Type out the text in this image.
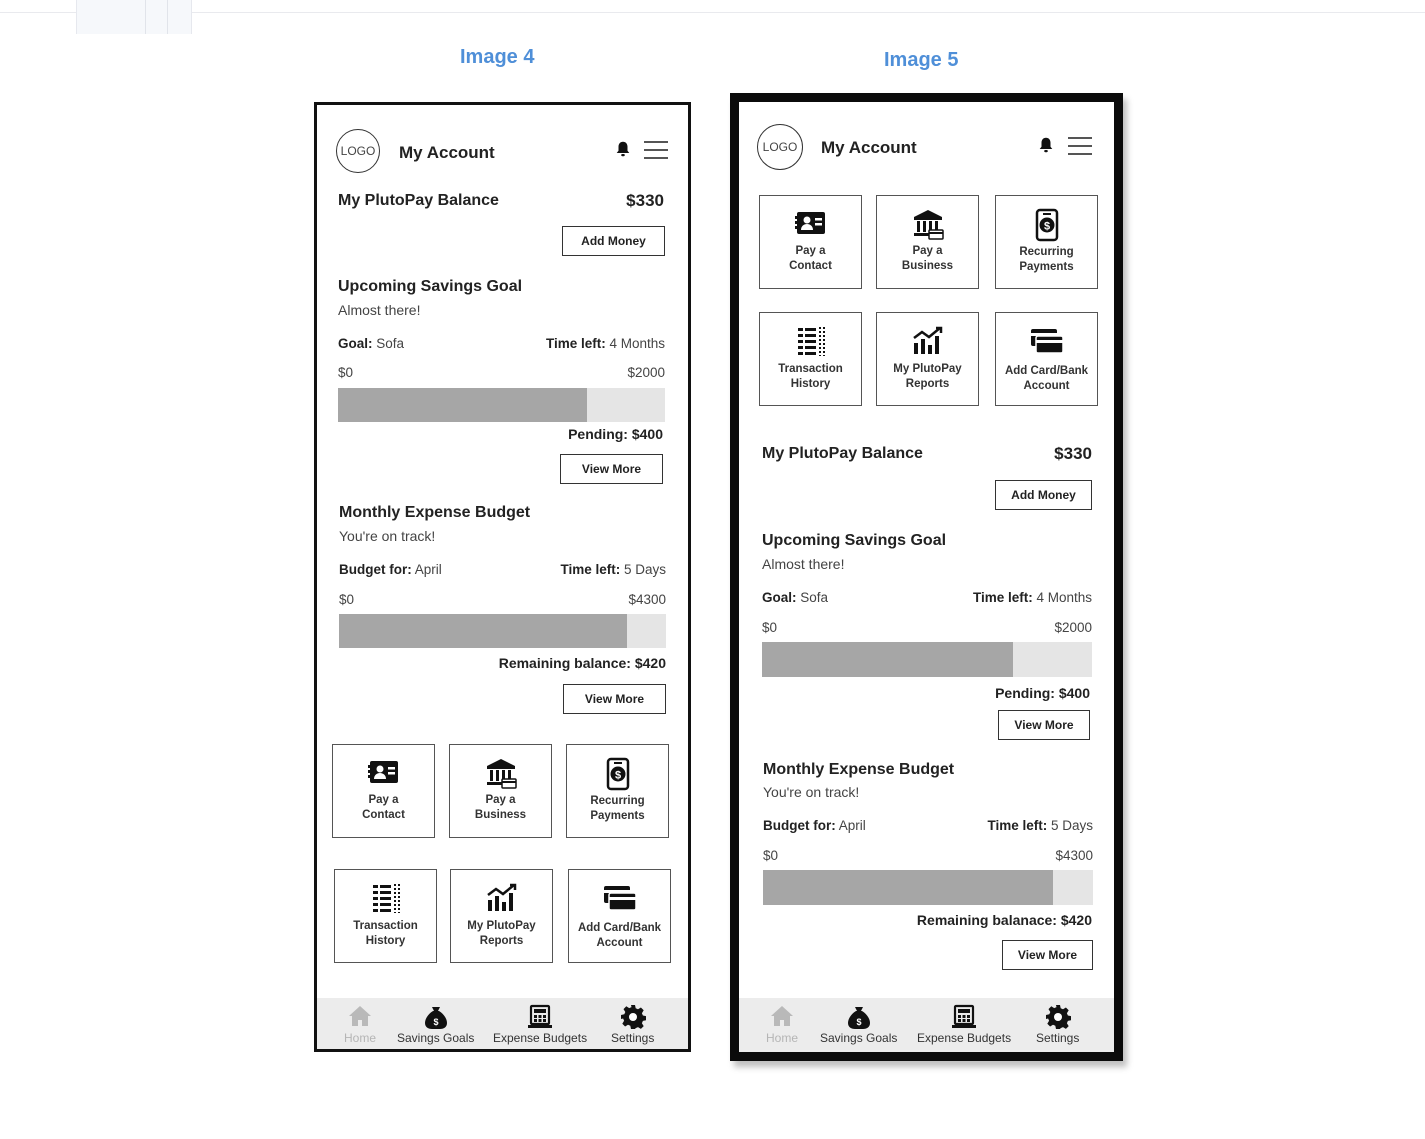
Image 4	Image 5
LOGO My Account
My PlutoPay Balance	$330
Add Money
Upcoming Savings Goal
Almost there!
Goal: Sofa	Time left: 4 Months
$0	$2000
Pending: $400
View More
Monthly Expense Budget
You're on track!
Budget for: April	Time left: 5 Days
$0	$4300
Remaining balance: $420
View More
Pay a
Contact
Pay a
Business
Recurring
Payments
Transaction
History
My PlutoPay
Reports
Add Card/Bank
Account
Home Savings Goals Expense Budgets Settings
LOGO	My Account
Pay a
Contact
Pay a
Business
Recurring
Payments
Transaction
History
My PlutoPay
Reports
Add Card/Bank
Account
My PlutoPay Balance	$330
Add Money
Upcoming Savings Goal
Almost there!
Goal: Sofa	Time left: 4 Months
$0	$2000
Pending: $400
View More
Monthly Expense Budget
You're on track!
Budget for: April	Time left: 5 Days
$0	$4300
Remaining balanace: $420
View More
Home Savings Goals Expense Budgets Settings
